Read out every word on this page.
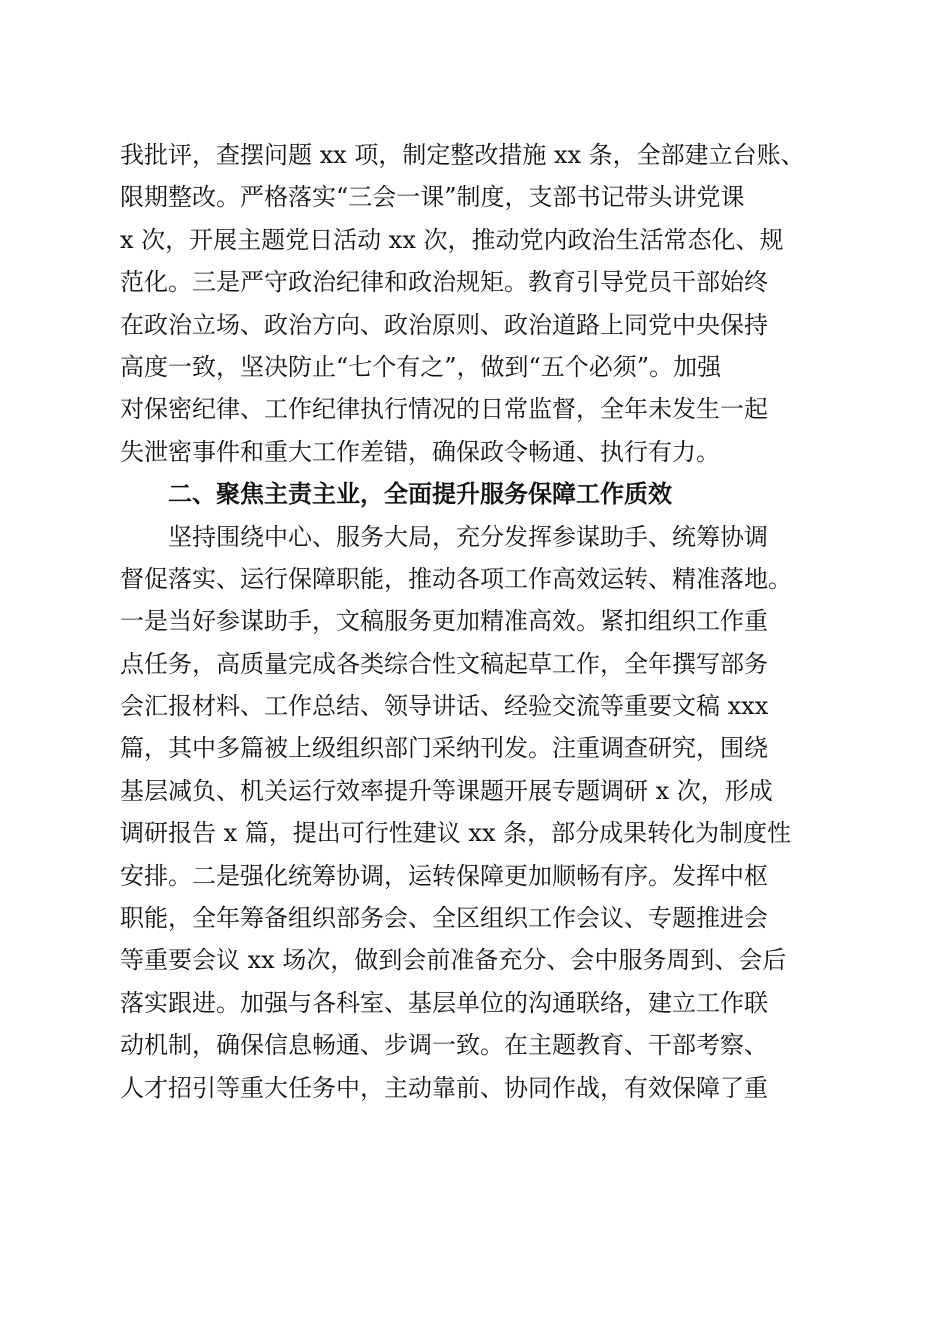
我批评，查摆问题 xx 项，制定整改措施 xx 条，全部建立台账、
限期整改。严格落实“三会一课”制度，支部书记带头讲党课
x 次，开展主题党日活动 xx 次，推动党内政治生活常态化、规
范化。三是严守政治纪律和政治规矩。教育引导党员干部始终
在政治立场、政治方向、政治原则、政治道路上同党中央保持
高度一致，坚决防止“七个有之”，做到“五个必须”。加强
对保密纪律、工作纪律执行情况的日常监督，全年未发生一起
失泄密事件和重大工作差错，确保政令畅通、执行有力。
二、聚焦主责主业，全面提升服务保障工作质效
坚持围绕中心、服务大局，充分发挥参谋助手、统筹协调
督促落实、运行保障职能，推动各项工作高效运转、精准落地。
一是当好参谋助手，文稿服务更加精准高效。紧扣组织工作重
点任务，高质量完成各类综合性文稿起草工作，全年撰写部务
会汇报材料、工作总结、领导讲话、经验交流等重要文稿 xxx
篇，其中多篇被上级组织部门采纳刊发。注重调查研究，围绕
基层减负、机关运行效率提升等课题开展专题调研 x 次，形成
调研报告 x 篇，提出可行性建议 xx 条，部分成果转化为制度性
安排。二是强化统筹协调，运转保障更加顺畅有序。发挥中枢
职能，全年筹备组织部务会、全区组织工作会议、专题推进会
等重要会议 xx 场次，做到会前准备充分、会中服务周到、会后
落实跟进。加强与各科室、基层单位的沟通联络，建立工作联
动机制，确保信息畅通、步调一致。在主题教育、干部考察、
人才招引等重大任务中，主动靠前、协同作战，有效保障了重
